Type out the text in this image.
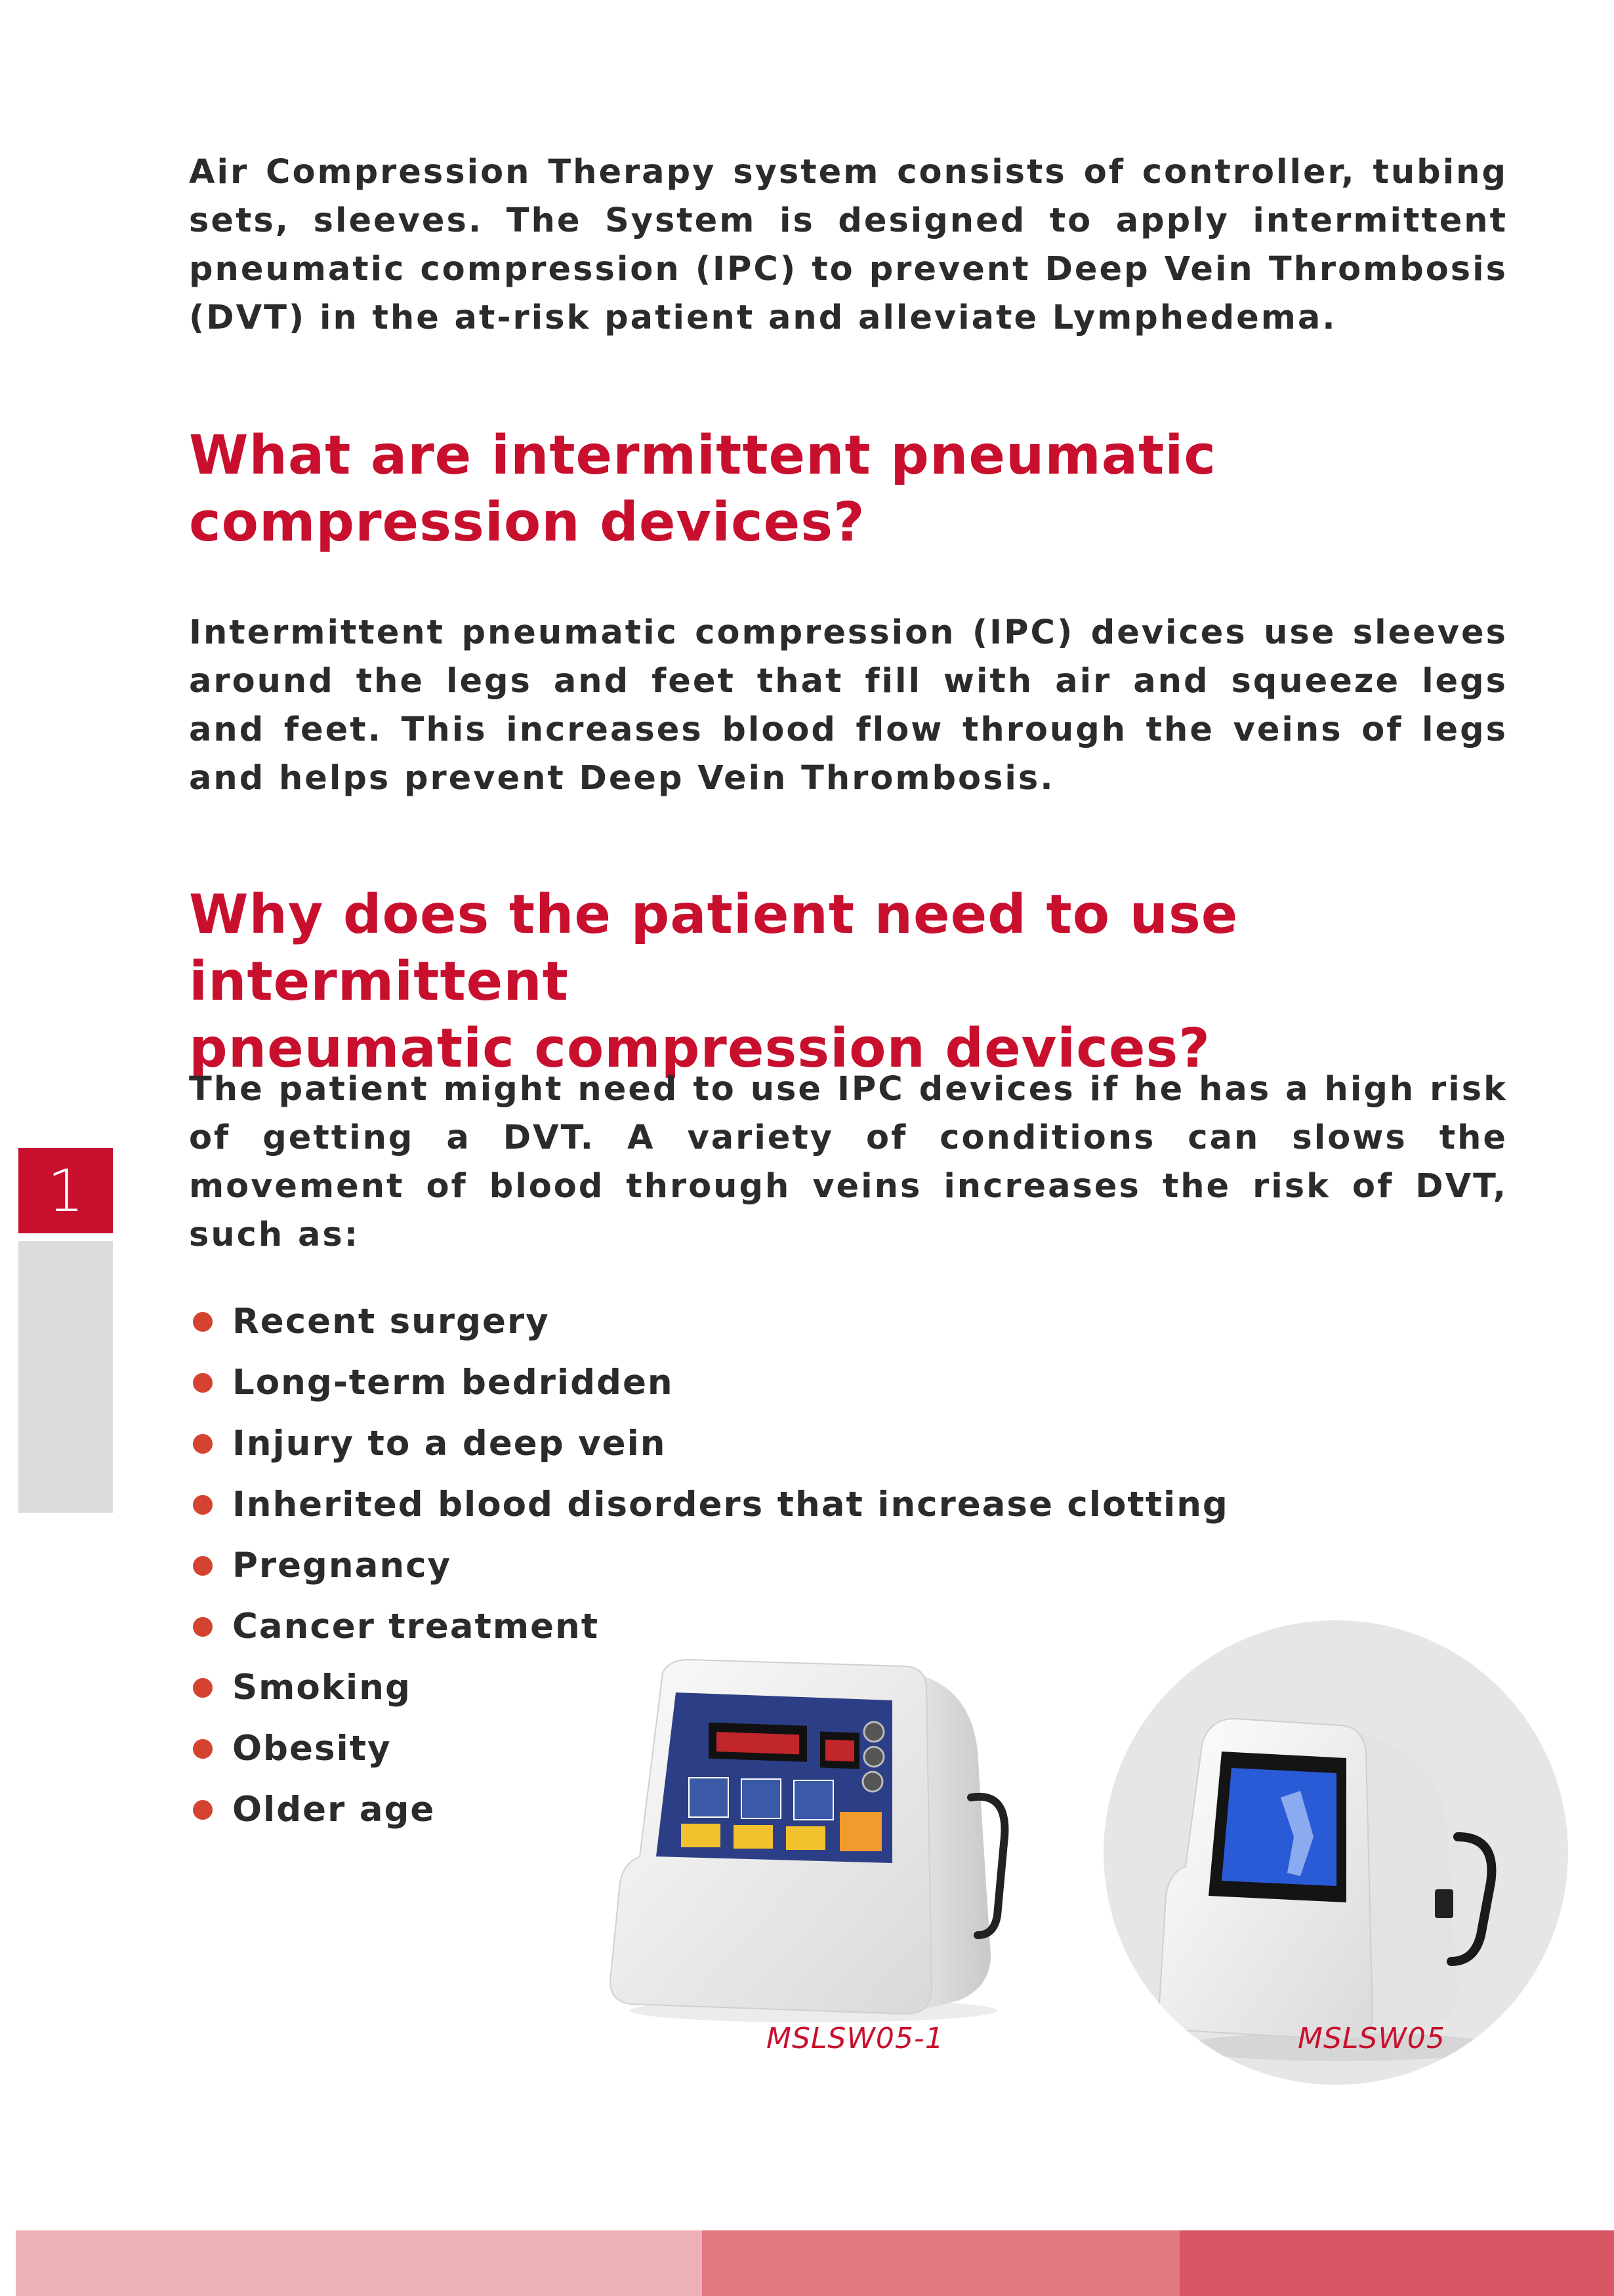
Air Compression Therapy system consists of controller, tubing sets, sleeves. The System is designed to apply intermittent pneumatic compression (IPC) to prevent Deep Vein Thrombosis (DVT) in the at-risk patient and alleviate Lymphedema.

What are intermittent pneumatic
compression devices?

Intermittent pneumatic compression (IPC) devices use sleeves around the legs and feet that fill with air and squeeze legs and feet. This increases blood flow through the veins of legs and helps prevent Deep Vein Thrombosis.

Why does the patient need to use intermittent
pneumatic compression devices?

The patient might need to use IPC devices if he has a high risk of getting a DVT. A variety of conditions can slows the movement of blood through veins increases the risk of DVT, such as:

1
Recent surgery
Long-term bedridden
Injury to a deep vein
Inherited blood disorders that increase clotting
Pregnancy
Cancer treatment
Smoking
Obesity
Older age
MSLSW05-1	MSLSW05
